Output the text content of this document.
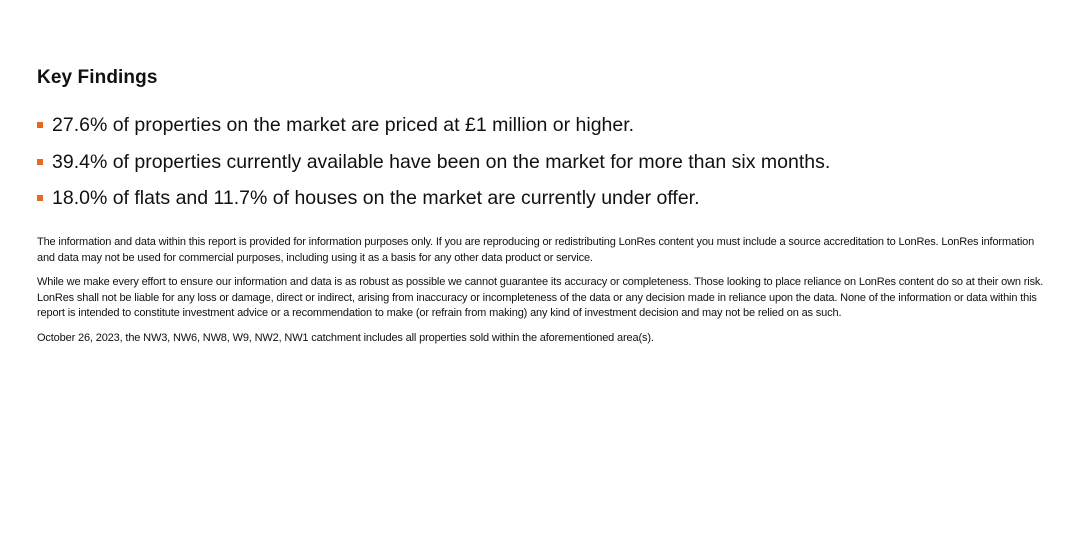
Key Findings
27.6% of properties on the market are priced at £1 million or higher.
39.4% of properties currently available have been on the market for more than six months.
18.0% of flats and 11.7% of houses on the market are currently under offer.

The information and data within this report is provided for information purposes only. If you are reproducing or redistributing LonRes content you must include a source accreditation to LonRes. LonRes information and data may not be used for commercial purposes, including using it as a basis for any other data product or service.

While we make every effort to ensure our information and data is as robust as possible we cannot guarantee its accuracy or completeness. Those looking to place reliance on LonRes content do so at their own risk. LonRes shall not be liable for any loss or damage, direct or indirect, arising from inaccuracy or incompleteness of the data or any decision made in reliance upon the data. None of the information or data within this report is intended to constitute investment advice or a recommendation to make (or refrain from making) any kind of investment decision and may not be relied on as such.

October 26, 2023, the NW3, NW6, NW8, W9, NW2, NW1 catchment includes all properties sold within the aforementioned area(s).
